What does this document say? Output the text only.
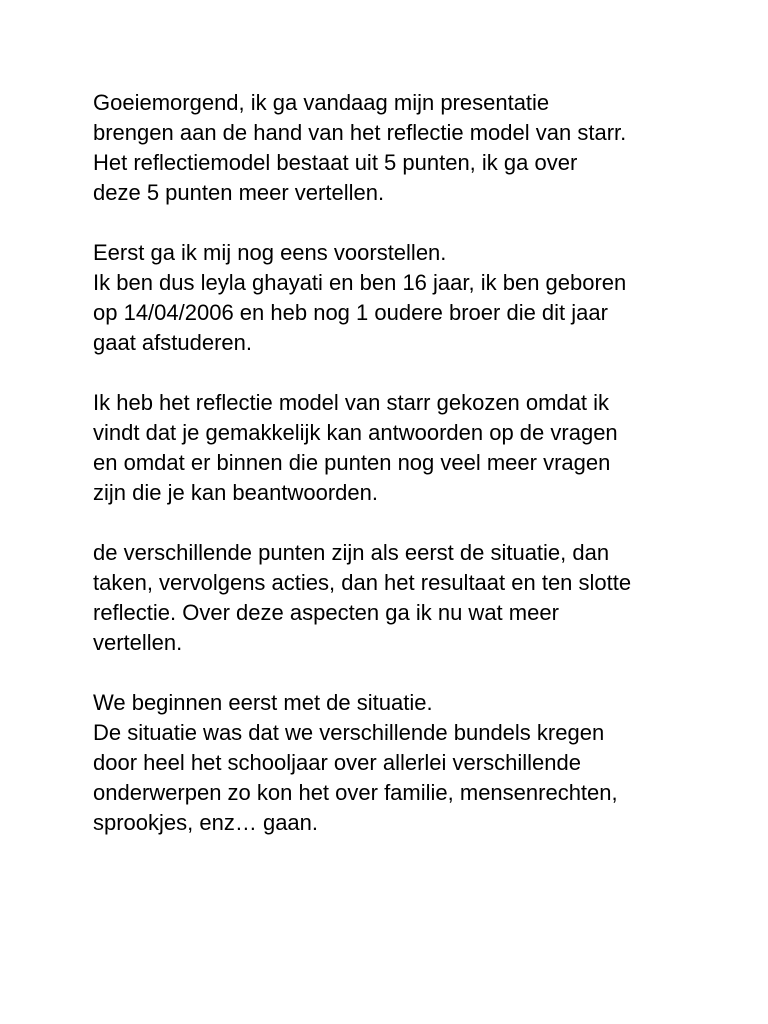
Goeiemorgend, ik ga vandaag mijn presentatie
brengen aan de hand van het reflectie model van starr.
Het reflectiemodel bestaat uit 5 punten, ik ga over
deze 5 punten meer vertellen.

Eerst ga ik mij nog eens voorstellen.
Ik ben dus leyla ghayati en ben 16 jaar, ik ben geboren
op 14/04/2006 en heb nog 1 oudere broer die dit jaar
gaat afstuderen.

Ik heb het reflectie model van starr gekozen omdat ik
vindt dat je gemakkelijk kan antwoorden op de vragen
en omdat er binnen die punten nog veel meer vragen
zijn die je kan beantwoorden.

de verschillende punten zijn als eerst de situatie, dan
taken, vervolgens acties, dan het resultaat en ten slotte
reflectie. Over deze aspecten ga ik nu wat meer
vertellen.

We beginnen eerst met de situatie.
De situatie was dat we verschillende bundels kregen
door heel het schooljaar over allerlei verschillende
onderwerpen zo kon het over familie, mensenrechten,
sprookjes, enz… gaan.
